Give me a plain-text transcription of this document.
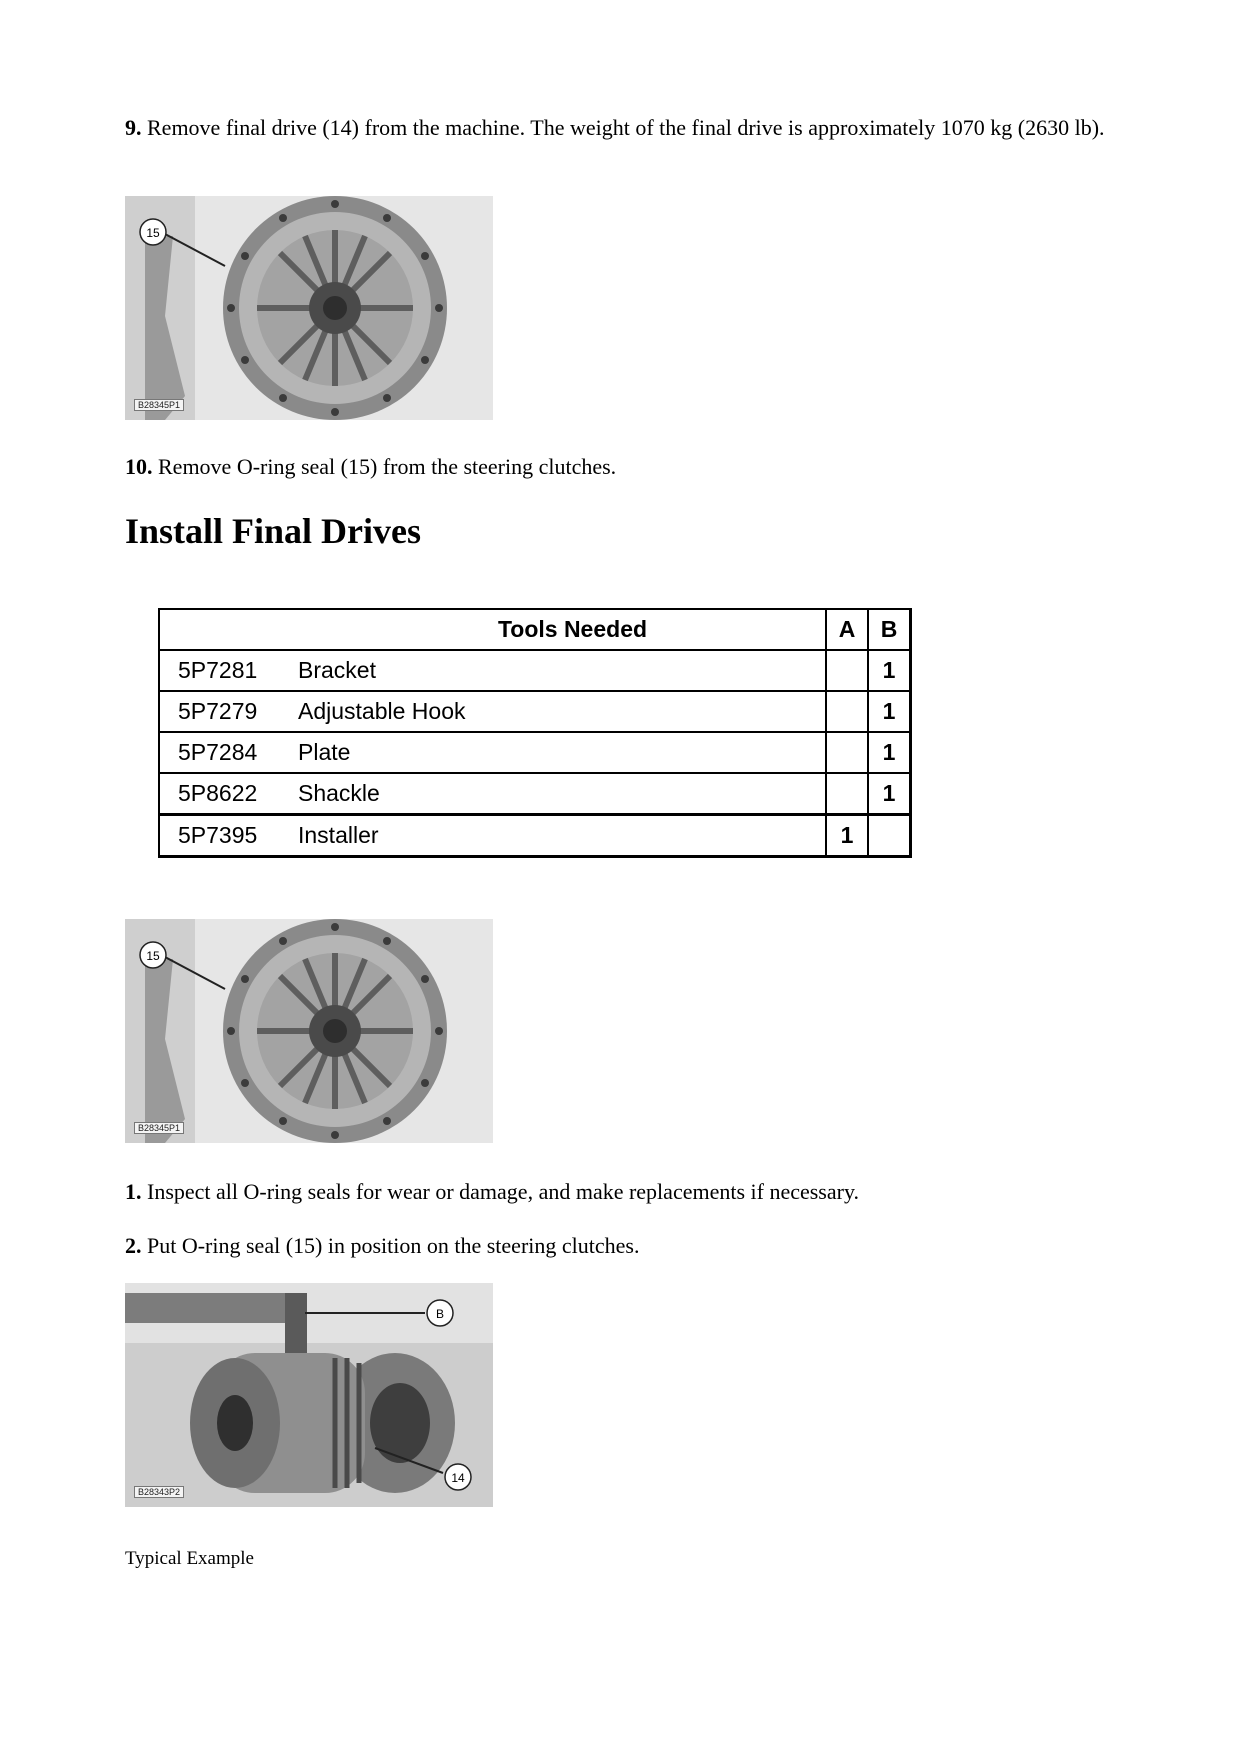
9. Remove final drive (14) from the machine. The weight of the final drive is approximately 1070 kg (2630 lb).

15
B28345P1

10. Remove O-ring seal (15) from the steering clutches.

Install Final Drives
Tools Needed		A	B
5P7281	Bracket		1
5P7279	Adjustable Hook		1
5P7284	Plate		1
5P8622	Shackle		1
5P7395	Installer	1	
15
B28345P1

1. Inspect all O-ring seals for wear or damage, and make replacements if necessary.

2. Put O-ring seal (15) in position on the steering clutches.

B
14
B28343P2

Typical Example
